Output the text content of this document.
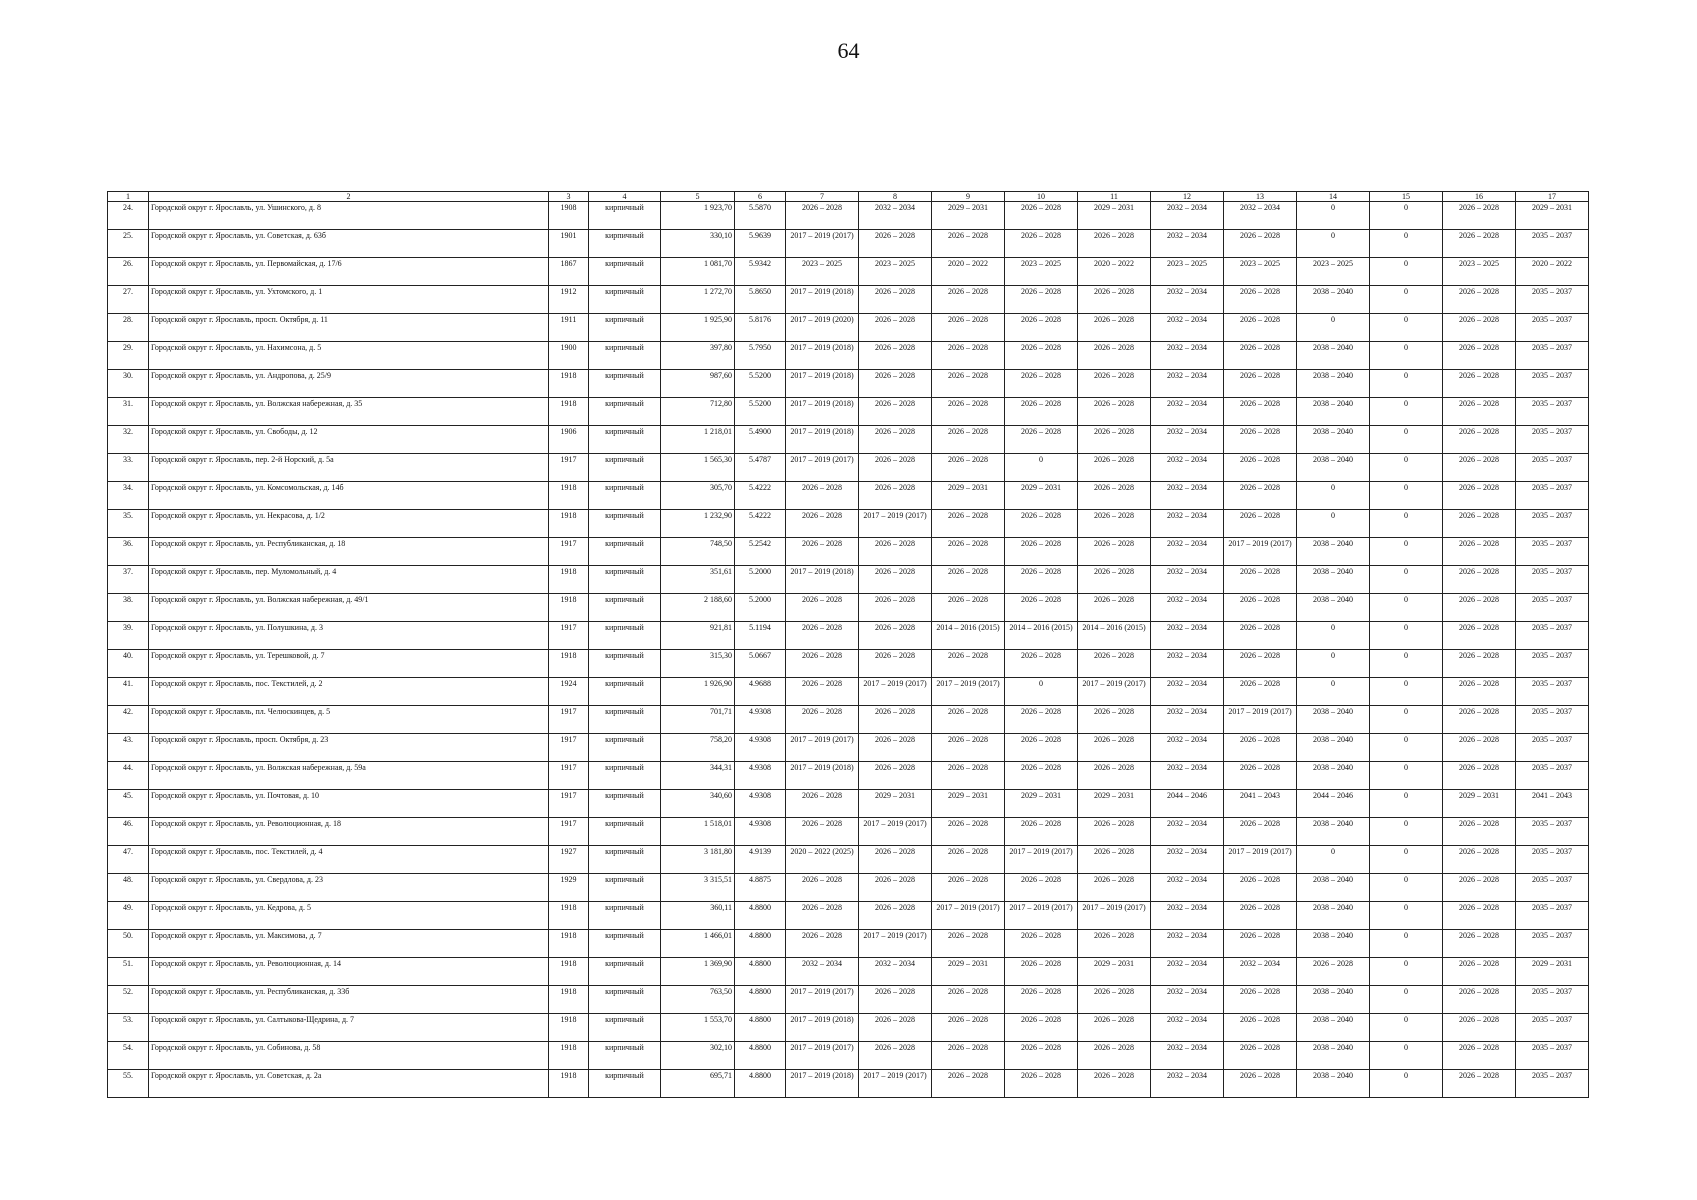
64
1	2	3	4	5	6	7	8	9	10	11	12	13	14	15	16	17
24.	Городской округ г. Ярославль, ул. Ушинского, д. 8	1908	кирпичный	1 923,70	5.5870	2026 – 2028	2032 – 2034	2029 – 2031	2026 – 2028	2029 – 2031	2032 – 2034	2032 – 2034	0	0	2026 – 2028	2029 – 2031
25.	Городской округ г. Ярославль, ул. Советская, д. 63б	1901	кирпичный	330,10	5.9639	2017 – 2019 (2017)	2026 – 2028	2026 – 2028	2026 – 2028	2026 – 2028	2032 – 2034	2026 – 2028	0	0	2026 – 2028	2035 – 2037
26.	Городской округ г. Ярославль, ул. Первомайская, д. 17/6	1867	кирпичный	1 081,70	5.9342	2023 – 2025	2023 – 2025	2020 – 2022	2023 – 2025	2020 – 2022	2023 – 2025	2023 – 2025	2023 – 2025	0	2023 – 2025	2020 – 2022
27.	Городской округ г. Ярославль, ул. Ухтомского, д. 1	1912	кирпичный	1 272,70	5.8650	2017 – 2019 (2018)	2026 – 2028	2026 – 2028	2026 – 2028	2026 – 2028	2032 – 2034	2026 – 2028	2038 – 2040	0	2026 – 2028	2035 – 2037
28.	Городской округ г. Ярославль, просп. Октября, д. 11	1911	кирпичный	1 925,90	5.8176	2017 – 2019 (2020)	2026 – 2028	2026 – 2028	2026 – 2028	2026 – 2028	2032 – 2034	2026 – 2028	0	0	2026 – 2028	2035 – 2037
29.	Городской округ г. Ярославль, ул. Нахимсона, д. 5	1900	кирпичный	397,80	5.7950	2017 – 2019 (2018)	2026 – 2028	2026 – 2028	2026 – 2028	2026 – 2028	2032 – 2034	2026 – 2028	2038 – 2040	0	2026 – 2028	2035 – 2037
30.	Городской округ г. Ярославль, ул. Андропова, д. 25/9	1918	кирпичный	987,60	5.5200	2017 – 2019 (2018)	2026 – 2028	2026 – 2028	2026 – 2028	2026 – 2028	2032 – 2034	2026 – 2028	2038 – 2040	0	2026 – 2028	2035 – 2037
31.	Городской округ г. Ярославль, ул. Волжская набережная, д. 35	1918	кирпичный	712,80	5.5200	2017 – 2019 (2018)	2026 – 2028	2026 – 2028	2026 – 2028	2026 – 2028	2032 – 2034	2026 – 2028	2038 – 2040	0	2026 – 2028	2035 – 2037
32.	Городской округ г. Ярославль, ул. Свободы, д. 12	1906	кирпичный	1 218,01	5.4900	2017 – 2019 (2018)	2026 – 2028	2026 – 2028	2026 – 2028	2026 – 2028	2032 – 2034	2026 – 2028	2038 – 2040	0	2026 – 2028	2035 – 2037
33.	Городской округ г. Ярославль, пер. 2-й Норский, д. 5а	1917	кирпичный	1 565,30	5.4787	2017 – 2019 (2017)	2026 – 2028	2026 – 2028	0	2026 – 2028	2032 – 2034	2026 – 2028	2038 – 2040	0	2026 – 2028	2035 – 2037
34.	Городской округ г. Ярославль, ул. Комсомольская, д. 14б	1918	кирпичный	305,70	5.4222	2026 – 2028	2026 – 2028	2029 – 2031	2029 – 2031	2026 – 2028	2032 – 2034	2026 – 2028	0	0	2026 – 2028	2035 – 2037
35.	Городской округ г. Ярославль, ул. Некрасова, д. 1/2	1918	кирпичный	1 232,90	5.4222	2026 – 2028	2017 – 2019 (2017)	2026 – 2028	2026 – 2028	2026 – 2028	2032 – 2034	2026 – 2028	0	0	2026 – 2028	2035 – 2037
36.	Городской округ г. Ярославль, ул. Республиканская, д. 18	1917	кирпичный	748,50	5.2542	2026 – 2028	2026 – 2028	2026 – 2028	2026 – 2028	2026 – 2028	2032 – 2034	2017 – 2019 (2017)	2038 – 2040	0	2026 – 2028	2035 – 2037
37.	Городской округ г. Ярославль, пер. Муломольный, д. 4	1918	кирпичный	351,61	5.2000	2017 – 2019 (2018)	2026 – 2028	2026 – 2028	2026 – 2028	2026 – 2028	2032 – 2034	2026 – 2028	2038 – 2040	0	2026 – 2028	2035 – 2037
38.	Городской округ г. Ярославль, ул. Волжская набережная, д. 49/1	1918	кирпичный	2 188,60	5.2000	2026 – 2028	2026 – 2028	2026 – 2028	2026 – 2028	2026 – 2028	2032 – 2034	2026 – 2028	2038 – 2040	0	2026 – 2028	2035 – 2037
39.	Городской округ г. Ярославль, ул. Полушкина, д. 3	1917	кирпичный	921,81	5.1194	2026 – 2028	2026 – 2028	2014 – 2016 (2015)	2014 – 2016 (2015)	2014 – 2016 (2015)	2032 – 2034	2026 – 2028	0	0	2026 – 2028	2035 – 2037
40.	Городской округ г. Ярославль, ул. Терешковой, д. 7	1918	кирпичный	315,30	5.0667	2026 – 2028	2026 – 2028	2026 – 2028	2026 – 2028	2026 – 2028	2032 – 2034	2026 – 2028	0	0	2026 – 2028	2035 – 2037
41.	Городской округ г. Ярославль, пос. Текстилей, д. 2	1924	кирпичный	1 926,90	4.9688	2026 – 2028	2017 – 2019 (2017)	2017 – 2019 (2017)	0	2017 – 2019 (2017)	2032 – 2034	2026 – 2028	0	0	2026 – 2028	2035 – 2037
42.	Городской округ г. Ярославль, пл. Челюскинцев, д. 5	1917	кирпичный	701,71	4.9308	2026 – 2028	2026 – 2028	2026 – 2028	2026 – 2028	2026 – 2028	2032 – 2034	2017 – 2019 (2017)	2038 – 2040	0	2026 – 2028	2035 – 2037
43.	Городской округ г. Ярославль, просп. Октября, д. 23	1917	кирпичный	758,20	4.9308	2017 – 2019 (2017)	2026 – 2028	2026 – 2028	2026 – 2028	2026 – 2028	2032 – 2034	2026 – 2028	2038 – 2040	0	2026 – 2028	2035 – 2037
44.	Городской округ г. Ярославль, ул. Волжская набережная, д. 59а	1917	кирпичный	344,31	4.9308	2017 – 2019 (2018)	2026 – 2028	2026 – 2028	2026 – 2028	2026 – 2028	2032 – 2034	2026 – 2028	2038 – 2040	0	2026 – 2028	2035 – 2037
45.	Городской округ г. Ярославль, ул. Почтовая, д. 10	1917	кирпичный	340,60	4.9308	2026 – 2028	2029 – 2031	2029 – 2031	2029 – 2031	2029 – 2031	2044 – 2046	2041 – 2043	2044 – 2046	0	2029 – 2031	2041 – 2043
46.	Городской округ г. Ярославль, ул. Революционная, д. 18	1917	кирпичный	1 518,01	4.9308	2026 – 2028	2017 – 2019 (2017)	2026 – 2028	2026 – 2028	2026 – 2028	2032 – 2034	2026 – 2028	2038 – 2040	0	2026 – 2028	2035 – 2037
47.	Городской округ г. Ярославль, пос. Текстилей, д. 4	1927	кирпичный	3 181,80	4.9139	2020 – 2022 (2025)	2026 – 2028	2026 – 2028	2017 – 2019 (2017)	2026 – 2028	2032 – 2034	2017 – 2019 (2017)	0	0	2026 – 2028	2035 – 2037
48.	Городской округ г. Ярославль, ул. Свердлова, д. 23	1929	кирпичный	3 315,51	4.8875	2026 – 2028	2026 – 2028	2026 – 2028	2026 – 2028	2026 – 2028	2032 – 2034	2026 – 2028	2038 – 2040	0	2026 – 2028	2035 – 2037
49.	Городской округ г. Ярославль, ул. Кедрова, д. 5	1918	кирпичный	360,11	4.8800	2026 – 2028	2026 – 2028	2017 – 2019 (2017)	2017 – 2019 (2017)	2017 – 2019 (2017)	2032 – 2034	2026 – 2028	2038 – 2040	0	2026 – 2028	2035 – 2037
50.	Городской округ г. Ярославль, ул. Максимова, д. 7	1918	кирпичный	1 466,01	4.8800	2026 – 2028	2017 – 2019 (2017)	2026 – 2028	2026 – 2028	2026 – 2028	2032 – 2034	2026 – 2028	2038 – 2040	0	2026 – 2028	2035 – 2037
51.	Городской округ г. Ярославль, ул. Революционная, д. 14	1918	кирпичный	1 369,90	4.8800	2032 – 2034	2032 – 2034	2029 – 2031	2026 – 2028	2029 – 2031	2032 – 2034	2032 – 2034	2026 – 2028	0	2026 – 2028	2029 – 2031
52.	Городской округ г. Ярославль, ул. Республиканская, д. 33б	1918	кирпичный	763,50	4.8800	2017 – 2019 (2017)	2026 – 2028	2026 – 2028	2026 – 2028	2026 – 2028	2032 – 2034	2026 – 2028	2038 – 2040	0	2026 – 2028	2035 – 2037
53.	Городской округ г. Ярославль, ул. Салтыкова-Щедрина, д. 7	1918	кирпичный	1 553,70	4.8800	2017 – 2019 (2018)	2026 – 2028	2026 – 2028	2026 – 2028	2026 – 2028	2032 – 2034	2026 – 2028	2038 – 2040	0	2026 – 2028	2035 – 2037
54.	Городской округ г. Ярославль, ул. Собинова, д. 58	1918	кирпичный	302,10	4.8800	2017 – 2019 (2017)	2026 – 2028	2026 – 2028	2026 – 2028	2026 – 2028	2032 – 2034	2026 – 2028	2038 – 2040	0	2026 – 2028	2035 – 2037
55.	Городской округ г. Ярославль, ул. Советская, д. 2а	1918	кирпичный	695,71	4.8800	2017 – 2019 (2018)	2017 – 2019 (2017)	2026 – 2028	2026 – 2028	2026 – 2028	2032 – 2034	2026 – 2028	2038 – 2040	0	2026 – 2028	2035 – 2037
